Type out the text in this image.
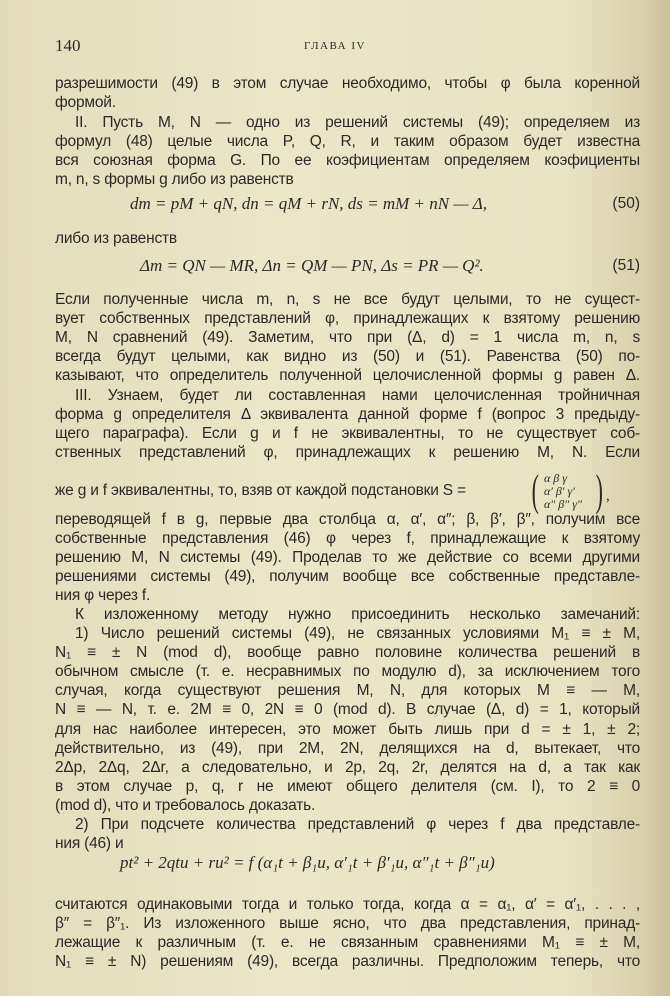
140	ГЛАВА IV
разрешимости (49) в этом случае необходимо, чтобы φ была коренной
формой.
II. Пусть M, N — одно из решений системы (49); определяем из
формул (48) целые числа P, Q, R, и таким образом будет известна
вся союзная форма G. По ее коэфициентам определяем коэфициенты
m, n, s формы g либо из равенств
либо из равенств
Если полученные числа m, n, s не все будут целыми, то не сущест-
вует собственных представлений φ, принадлежащих к взятому решению
M, N сравнений (49). Заметим, что при (Δ, d) = 1 числа m, n, s
всегда будут целыми, как видно из (50) и (51). Равенства (50) по-
казывают, что определитель полученной целочисленной формы g равен Δ.
III. Узнаем, будет ли составленная нами целочисленная тройничная
форма g определителя Δ эквивалента данной форме f (вопрос 3 предыду-
щего параграфа). Если g и f не эквивалентны, то не существует соб-
ственных представлений φ, принадлежащих к решению M, N. Если
же g и f эквивалентны, то, взяв от каждой подстановки S =
переводящей f в g, первые два столбца α, α′, α″; β, β′, β″, получим все
собственные представления (46) φ через f, принадлежащие к взятому
решению M, N системы (49). Проделав то же действие со всеми другими
решениями системы (49), получим вообще все собственные представле-
ния φ через f.
К изложенному методу нужно присоединить несколько замечаний:
1) Число решений системы (49), не связанных условиями M₁ ≡ ± M,
N₁ ≡ ± N (mod d), вообще равно половине количества решений в
обычном смысле (т. е. несравнимых по модулю d), за исключением того
случая, когда существуют решения M, N, для которых M ≡ — M,
N ≡ — N, т. е. 2M ≡ 0, 2N ≡ 0 (mod d). В случае (Δ, d) = 1, который
для нас наиболее интересен, это может быть лишь при d = ± 1, ± 2;
действительно, из (49), при 2M, 2N, делящихся на d, вытекает, что
2Δp, 2Δq, 2Δr, а следовательно, и 2p, 2q, 2r, делятся на d, а так как
в этом случае p, q, r не имеют общего делителя (см. I), то 2 ≡ 0
(mod d), что и требовалось доказать.
2) При подсчете количества представлений φ через f два представле-
ния (46) и
считаются одинаковыми тогда и только тогда, когда α = α₁, α′ = α′₁, . . . ,
β″ = β″₁. Из изложенного выше ясно, что два представления, принад-
лежащие к различным (т. е. не связанным сравнениями M₁ ≡ ± M,
N₁ ≡ ± N) решениям (49), всегда различны. Предположим теперь, что
dm = pM + qN, dn = qM + rN, ds = mM + nN — Δ,	(50)
Δm = QN — MR, Δn = QM — PN, Δs = PR — Q².	(51)
pt² + 2qtu + ru² = f (α₁t + β₁u, α′₁t + β′₁u, α″₁t + β″₁u)
( α β γ
α′ β′ γ′
α″ β″ γ″ ) ,
